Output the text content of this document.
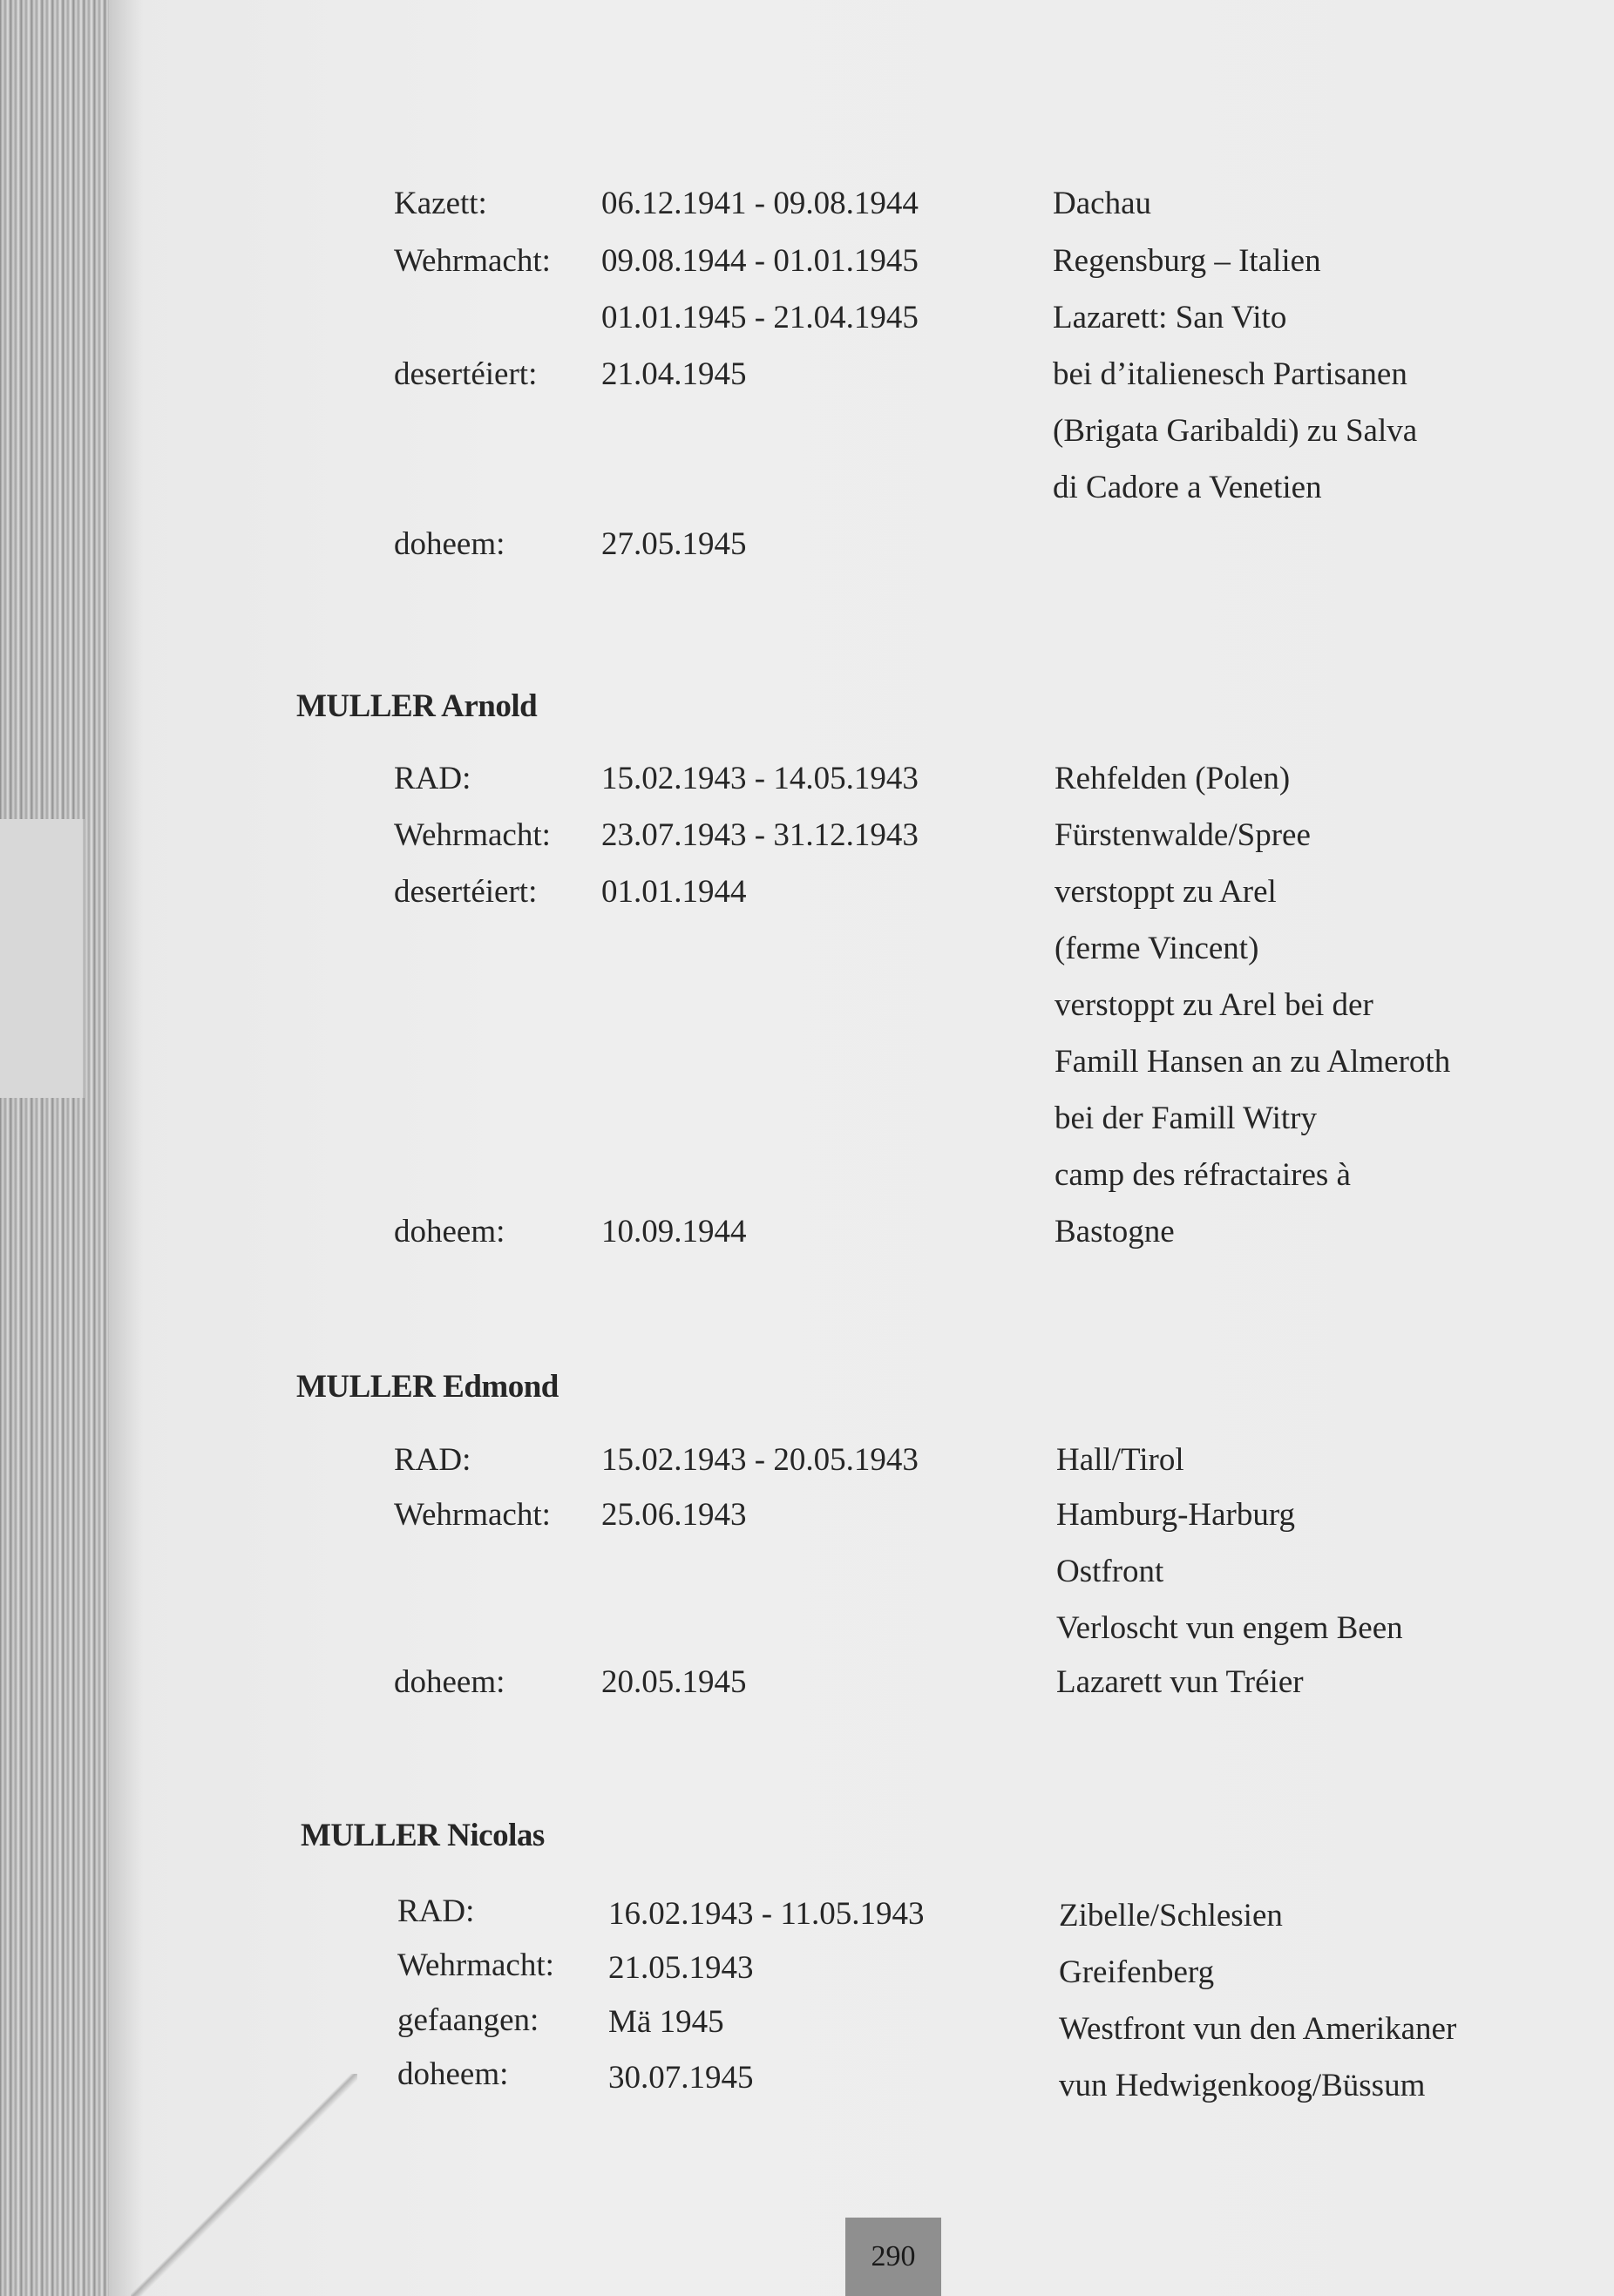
Kazett:	06.12.1941 - 09.08.1944	Dachau
Wehrmacht: 09.08.1944 - 01.01.1945	Regensburg – Italien
01.01.1945 - 21.04.1945	Lazarett: San Vito
desertéiert: 21.04.1945	bei d’italienesch Partisanen
(Brigata Garibaldi) zu Salva
di Cadore a Venetien
doheem:	27.05.1945
MULLER Arnold
RAD:	15.02.1943 - 14.05.1943	Rehfelden (Polen)
Wehrmacht: 23.07.1943 - 31.12.1943	Fürstenwalde/Spree
desertéiert: 01.01.1944	verstoppt zu Arel
(ferme Vincent)
verstoppt zu Arel bei der
Famill Hansen an zu Almeroth
bei der Famill Witry
camp des réfractaires à
doheem:	10.09.1944	Bastogne
MULLER Edmond
RAD:	15.02.1943 - 20.05.1943	Hall/Tirol
Wehrmacht: 25.06.1943	Hamburg-Harburg
Ostfront
Verloscht vun engem Been
doheem:	20.05.1945	Lazarett vun Tréier
MULLER Nicolas
RAD:	16.02.1943 - 11.05.1943	Zibelle/Schlesien
Wehrmacht: 21.05.1943	Greifenberg
gefaangen: Mä 1945	Westfront vun den Amerikaner
doheem:	30.07.1945	vun Hedwigenkoog/Büssum
290
